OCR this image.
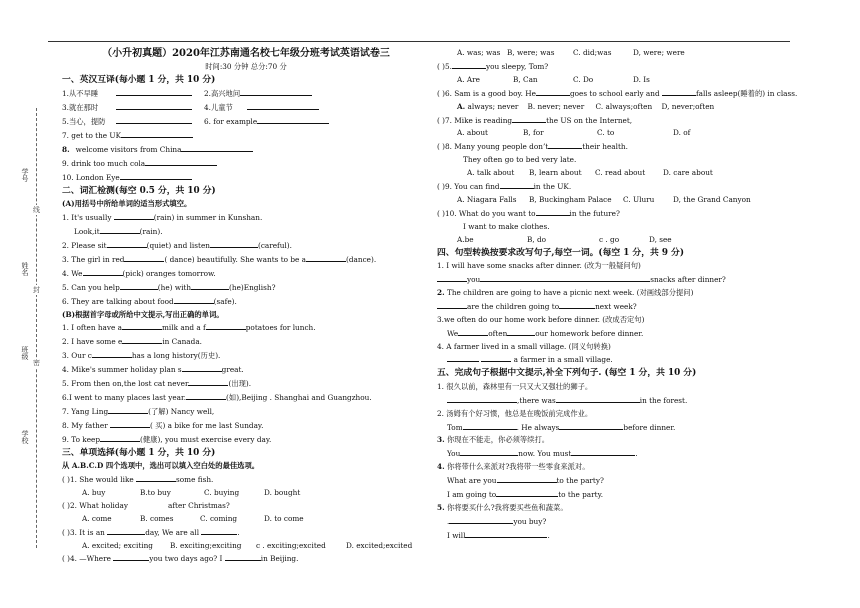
学号
姓名
班级
学校
线
封
密
（小升初真题）2020年江苏南通名校七年级分班考试英语试卷三
时间:30 分钟 总分:70 分
一、英汉互译(每小题 1 分，共 10 分)
1.从不早睡	2.高兴地问
3.就在那时	4.儿童节
5.当心，提防	6. for example
7. get to the UK
8. welcome visitors from China
9. drink too much cola
10. London Eye
二、词汇检测(每空 0.5 分，共 10 分)
(A)用括号中所给单词的适当形式填空。
1. It's usually	(rain) in summer in Kunshan.
Look,it	(rain).
2. Please sit	(quiet) and listen	(careful).
3. The girl in red	( dance) beautifully. She wants to be a	(dance).
4. We	(pick) oranges tomorrow.
5. Can you help	(he) with	(he)English?
6. They are talking about food	(safe).
(B)根据首字母或所给中文提示,写出正确的单词。
1. I often have a	milk and a f	potatoes for lunch.
2. I have some e	in Canada.
3. Our c	has a long history(历史).
4. Mike's summer holiday plan s	great.
5. From then on,the lost cat never	(出现).
6.I went to many places last year.	(如),Beijing . Shanghai and Guangzhou.
7. Yang Ling	(了解) Nancy well,
8. My father	( 买) a bike for me last Sunday.
9. To keep	(健康), you must exercise every day.
三、单项选择(每小题 1 分，共 10 分)
从 A.B.C.D 四个选项中，选出可以填入空白处的最佳选项。
( )1. She would like	some fish.
A. buy	B.to buy	C. buying	D. bought
( )2. What holiday	after Christmas?
A. come	B. comes	C. coming	D. to come
( )3. It is an	day, We are all	.
A. excited; exciting B. exciting;exciting c . exciting;excited	D. excited;excited
( )4. —Where	you two days ago? I	in Beijing.
A. was; was B, were; was	C. did;was	D, were; were
( )5.	you sleepy, Tom?
A. Are	B, Can	C. Do	D. Is
( )6. Sam is a good boy. He	goes to school early and	falls asleep(睡着的) in class.
A. always; never B. never; never C. always;often D, never;often
( )7. Mike is reading	the US on the Internet,
A. about	B, for	C. to	D. of
( )8. Many young people don’t	their health.
They often go to bed very late.
A. talk about B, learn about C. read about D. care about
( )9. You can find	in the UK.
A. Niagara Falls B, Buckingham Palace C. Uluru	D, the Grand Canyon
( )10. What do you want to	in the future?
I want to make clothes.
A.be	B, do	c . go	D, see
四、句型转换按要求改写句子,每空一词。(每空 1 分，共 9 分)
1. I will have some snacks after dinner. (改为一般疑问句)
you	snacks after dinner?
2. The children are going to have a picnic next week. (对画线部分提问)
are the children going to	next week?
3.we often do our home work before dinner. (改成否定句)
We	often	our homework before dinner.
4. A farmer lived in a small village. (同义句转换)
a farmer in a small village.
五、完成句子根据中文提示,补全下列句子. (每空 1 分，共 10 分)
1. 很久以前，森林里有一只又大又强壮的狮子。
,there was	in the forest.
2. 汤姆有个好习惯，他总是在晚饭前完成作业。
Tom	. He always	before dinner.
3. 你现在不能走，你必须等续打。
You	now. You must	.
4. 你将带什么来派对?我将带一些零食来派对。
What are you	to the party?
I am going to	to the party.
5. 你将要买什么?我将要买些鱼和蔬菜。
.	you buy?
I will	.
